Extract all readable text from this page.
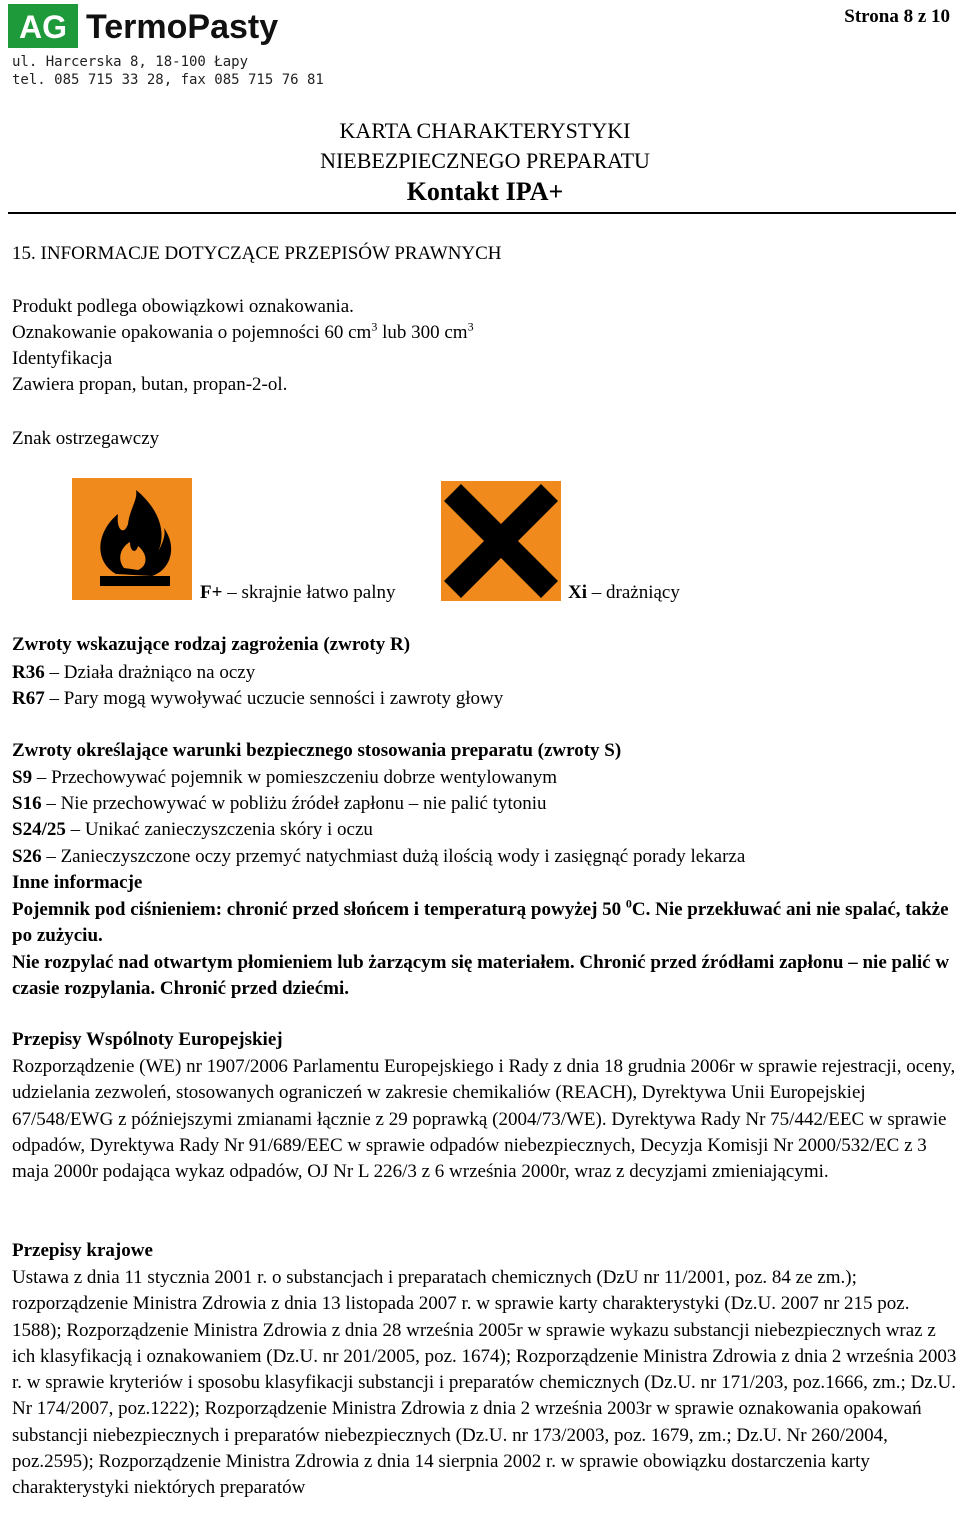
AG TermoPasty
ul. Harcerska 8, 18-100 Łapy
tel. 085 715 33 28, fax 085 715 76 81
Strona 8 z 10
KARTA CHARAKTERYSTYKI
NIEBEZPIECZNEGO PREPARATU
Kontakt IPA+
15. INFORMACJE DOTYCZĄCE PRZEPISÓW PRAWNYCH
Produkt podlega obowiązkowi oznakowania.
Oznakowanie opakowania o pojemności 60 $cm^3$ lub 300 $cm^3$
Identyfikacja
Zawiera propan, butan, propan-2-ol.
Znak ostrzegawczy
F+ – skrajnie łatwo palny	Xi – drażniący
Zwroty wskazujące rodzaj zagrożenia (zwroty R)
R36 – Działa drażniąco na oczy
R67 – Pary mogą wywoływać uczucie senności i zawroty głowy
Zwroty określające warunki bezpiecznego stosowania preparatu (zwroty S)
S9 – Przechowywać pojemnik w pomieszczeniu dobrze wentylowanym
S16 – Nie przechowywać w pobliżu źródeł zapłonu – nie palić tytoniu
S24/25 – Unikać zanieczyszczenia skóry i oczu
S26 – Zanieczyszczone oczy przemyć natychmiast dużą ilością wody i zasięgnąć porady lekarza
Inne informacje
Pojemnik pod ciśnieniem: chronić przed słońcem i temperaturą powyżej 50 $^0$C. Nie przekłuwać ani nie spalać, także po zużyciu.
Nie rozpylać nad otwartym płomieniem lub żarzącym się materiałem. Chronić przed źródłami zapłonu – nie palić w czasie rozpylania. Chronić przed dziećmi.
Przepisy Wspólnoty Europejskiej
Rozporządzenie (WE) nr 1907/2006 Parlamentu Europejskiego i Rady z dnia 18 grudnia 2006r w sprawie rejestracji, oceny, udzielania zezwoleń, stosowanych ograniczeń w zakresie chemikaliów (REACH), Dyrektywa Unii Europejskiej 67/548/EWG z późniejszymi zmianami łącznie z 29 poprawką (2004/73/WE). Dyrektywa Rady Nr 75/442/EEC w sprawie odpadów, Dyrektywa Rady Nr 91/689/EEC w sprawie odpadów niebezpiecznych, Decyzja Komisji Nr 2000/532/EC z 3 maja 2000r podająca wykaz odpadów, OJ Nr L 226/3 z 6 września 2000r, wraz z decyzjami zmieniającymi.
Przepisy krajowe
Ustawa z dnia 11 stycznia 2001 r. o substancjach i preparatach chemicznych (DzU nr 11/2001, poz. 84 ze zm.); rozporządzenie Ministra Zdrowia z dnia 13 listopada 2007 r. w sprawie karty charakterystyki (Dz.U. 2007 nr 215 poz. 1588); Rozporządzenie Ministra Zdrowia z dnia 28 września 2005r w sprawie wykazu substancji niebezpiecznych wraz z ich klasyfikacją i oznakowaniem (Dz.U. nr 201/2005, poz. 1674); Rozporządzenie Ministra Zdrowia z dnia 2 września 2003 r. w sprawie kryteriów i sposobu klasyfikacji substancji i preparatów chemicznych (Dz.U. nr 171/203, poz.1666, zm.; Dz.U. Nr 174/2007, poz.1222); Rozporządzenie Ministra Zdrowia z dnia 2 września 2003r w sprawie oznakowania opakowań substancji niebezpiecznych i preparatów niebezpiecznych (Dz.U. nr 173/2003, poz. 1679, zm.; Dz.U. Nr 260/2004, poz.2595); Rozporządzenie Ministra Zdrowia z dnia 14 sierpnia 2002 r. w sprawie obowiązku dostarczenia karty charakterystyki niektórych preparatów
